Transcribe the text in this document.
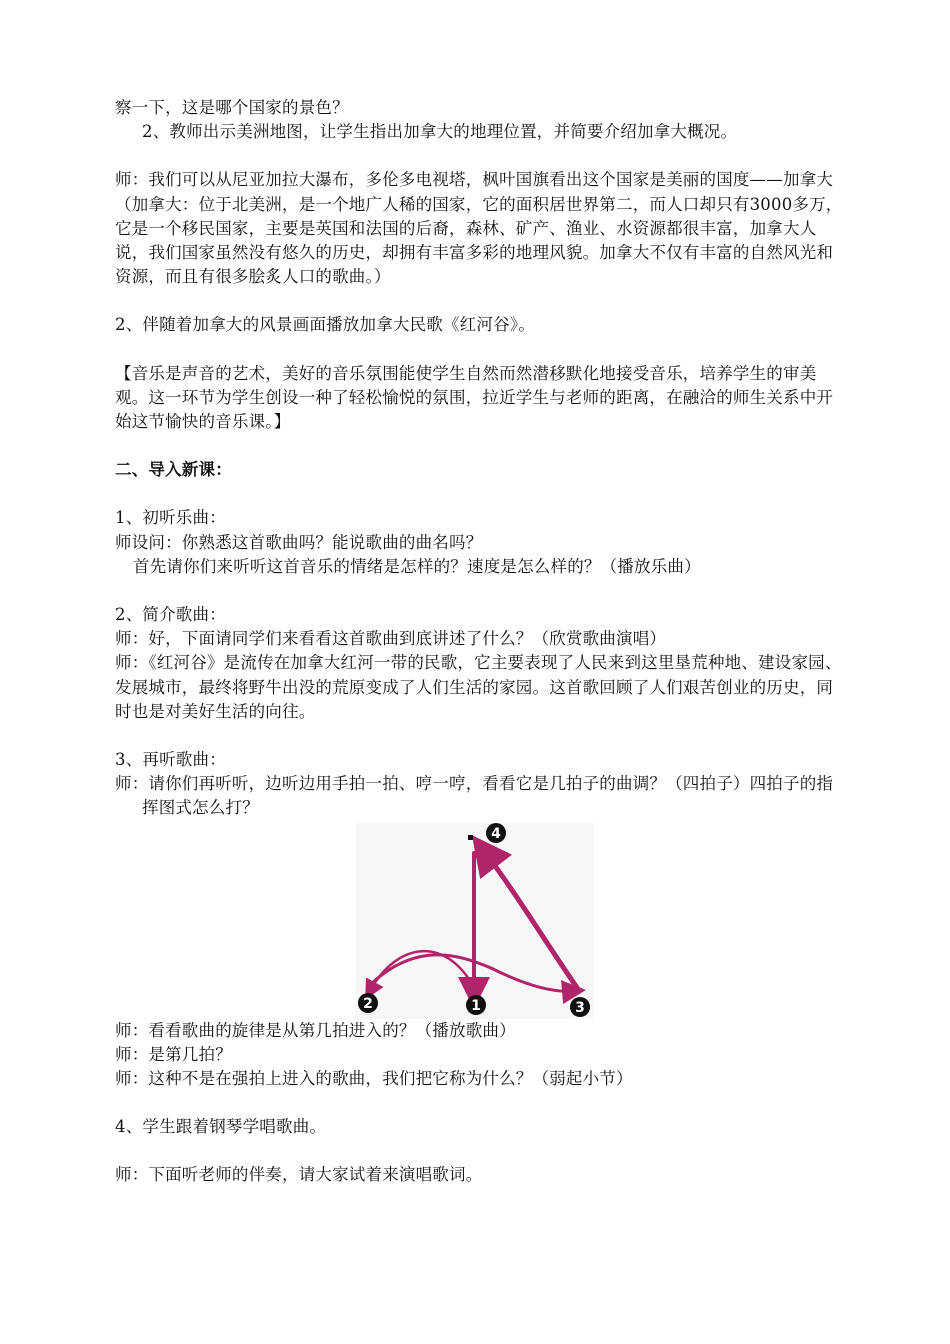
察一下，这是哪个国家的景色？

2、教师出示美洲地图，让学生指出加拿大的地理位置，并简要介绍加拿大概况。

师：我们可以从尼亚加拉大瀑布，多伦多电视塔，枫叶国旗看出这个国家是美丽的国度——加拿大（加拿大：位于北美洲，是一个地广人稀的国家，它的面积居世界第二，而人口却只有3000多万，它是一个移民国家，主要是英国和法国的后裔，森林、矿产、渔业、水资源都很丰富，加拿大人说，我们国家虽然没有悠久的历史，却拥有丰富多彩的地理风貌。加拿大不仅有丰富的自然风光和资源，而且有很多脍炙人口的歌曲。）

2、伴随着加拿大的风景画面播放加拿大民歌《红河谷》。

【音乐是声音的艺术，美好的音乐氛围能使学生自然而然潜移默化地接受音乐，培养学生的审美观。这一环节为学生创设一种了轻松愉悦的氛围，拉近学生与老师的距离，在融洽的师生关系中开始这节愉快的音乐课。】

二、导入新课：

1、初听乐曲：

师设问：你熟悉这首歌曲吗？能说歌曲的曲名吗？

首先请你们来听听这首音乐的情绪是怎样的？速度是怎么样的？（播放乐曲）

2、简介歌曲：

师：好，下面请同学们来看看这首歌曲到底讲述了什么？（欣赏歌曲演唱）

师：《红河谷》是流传在加拿大红河一带的民歌，它主要表现了人民来到这里垦荒种地、建设家园、发展城市，最终将野牛出没的荒原变成了人们生活的家园。这首歌回顾了人们艰苦创业的历史，同时也是对美好生活的向往。

3、再听歌曲：

师：请你们再听听，边听边用手拍一拍、哼一哼，看看它是几拍子的曲调？（四拍子）四拍子的指挥图式怎么打？

4
2	1	3

师：看看歌曲的旋律是从第几拍进入的？（播放歌曲）

师：是第几拍？

师：这种不是在强拍上进入的歌曲，我们把它称为什么？（弱起小节）

4、学生跟着钢琴学唱歌曲。

师：下面听老师的伴奏，请大家试着来演唱歌词。
